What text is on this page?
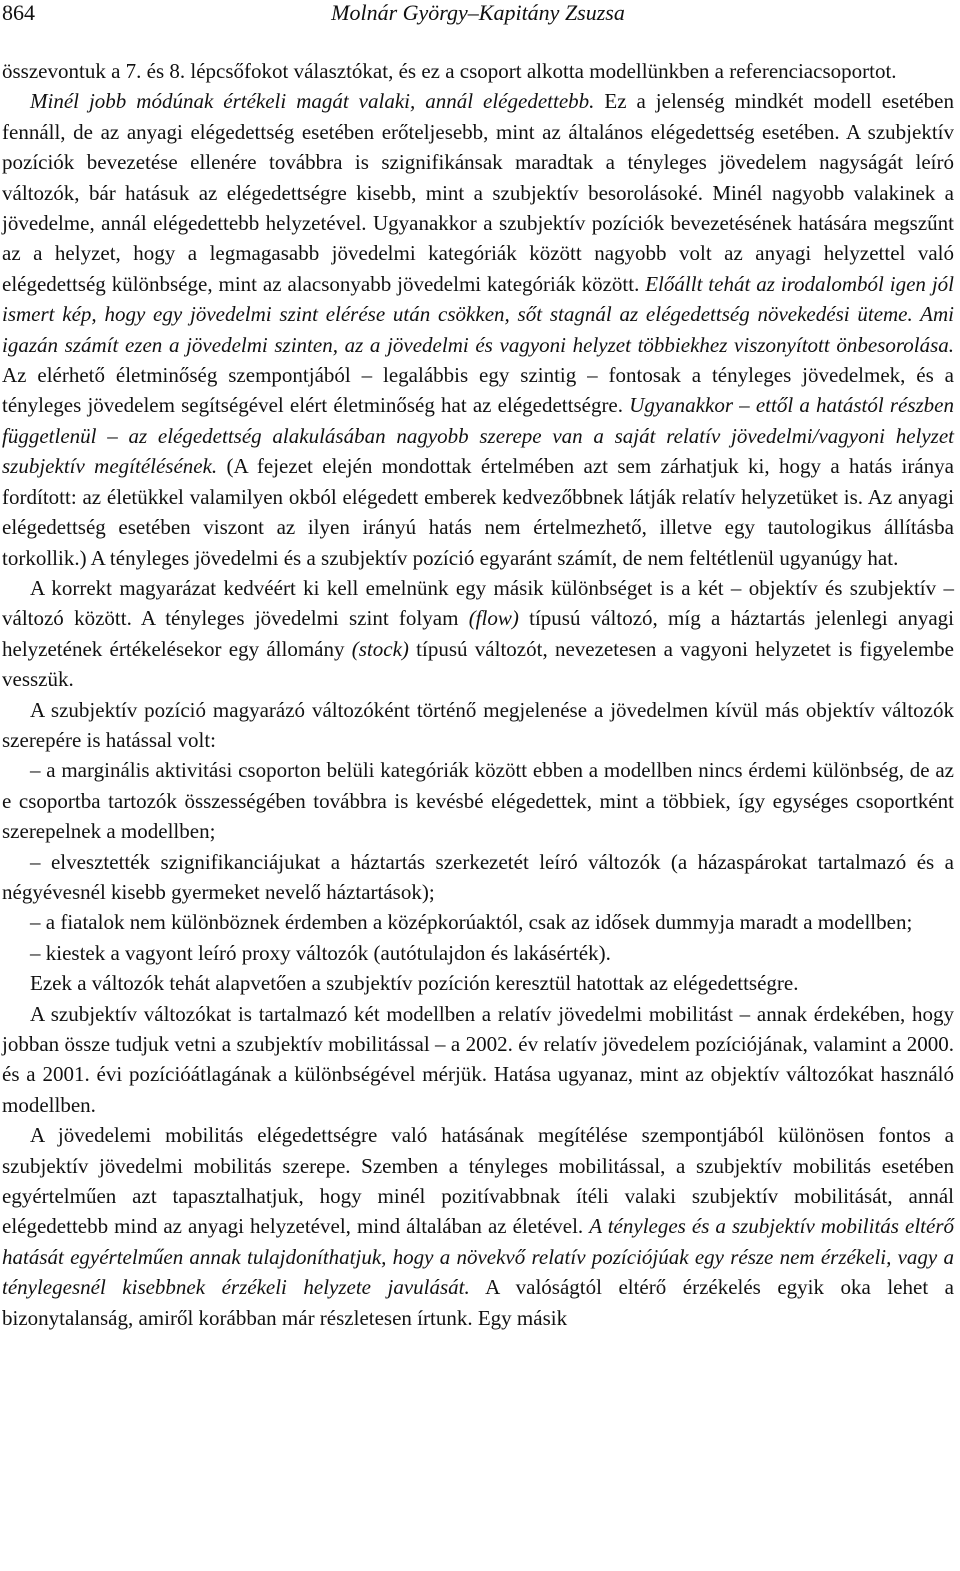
864	Molnár György–Kapitány Zsuzsa

összevontuk a 7. és 8. lépcsőfokot választókat, és ez a csoport alkotta modellünkben a referenciacsoportot.

Minél jobb módúnak értékeli magát valaki, annál elégedettebb. Ez a jelenség mindkét modell esetében fennáll, de az anyagi elégedettség esetében erőteljesebb, mint az általános elégedettség esetében. A szubjektív pozíciók bevezetése ellenére továbbra is szignifikánsak maradtak a tényleges jövedelem nagyságát leíró változók, bár hatásuk az elégedettségre kisebb, mint a szubjektív besorolásoké. Minél nagyobb valakinek a jövedelme, annál elégedettebb helyzetével. Ugyanakkor a szubjektív pozíciók bevezetésének hatására megszűnt az a helyzet, hogy a legmagasabb jövedelmi kategóriák között nagyobb volt az anyagi helyzettel való elégedettség különbsége, mint az alacsonyabb jövedelmi kategóriák között. Előállt tehát az irodalomból igen jól ismert kép, hogy egy jövedelmi szint elérése után csökken, sőt stagnál az elégedettség növekedési üteme. Ami igazán számít ezen a jövedelmi szinten, az a jövedelmi és vagyoni helyzet többiekhez viszonyított önbesorolása. Az elérhető életminőség szempontjából – legalábbis egy szintig – fontosak a tényleges jövedelmek, és a tényleges jövedelem segítségével elért életminőség hat az elégedettségre. Ugyanakkor – ettől a hatástól részben függetlenül – az elégedettség alakulásában nagyobb szerepe van a saját relatív jövedelmi/vagyoni helyzet szubjektív megítélésének. (A fejezet elején mondottak értelmében azt sem zárhatjuk ki, hogy a hatás iránya fordított: az életükkel valamilyen okból elégedett emberek kedvezőbbnek látják relatív helyzetüket is. Az anyagi elégedettség esetében viszont az ilyen irányú hatás nem értelmezhető, illetve egy tautologikus állításba torkollik.) A tényleges jövedelmi és a szubjektív pozíció egyaránt számít, de nem feltétlenül ugyanúgy hat.

A korrekt magyarázat kedvéért ki kell emelnünk egy másik különbséget is a két – objektív és szubjektív – változó között. A tényleges jövedelmi szint folyam (flow) típusú változó, míg a háztartás jelenlegi anyagi helyzetének értékelésekor egy állomány (stock) típusú változót, nevezetesen a vagyoni helyzetet is figyelembe vesszük.

A szubjektív pozíció magyarázó változóként történő megjelenése a jövedelmen kívül más objektív változók szerepére is hatással volt:

– a marginális aktivitási csoporton belüli kategóriák között ebben a modellben nincs érdemi különbség, de az e csoportba tartozók összességében továbbra is kevésbé elégedettek, mint a többiek, így egységes csoportként szerepelnek a modellben;

– elvesztették szignifikanciájukat a háztartás szerkezetét leíró változók (a házaspárokat tartalmazó és a négyévesnél kisebb gyermeket nevelő háztartások);

– a fiatalok nem különböznek érdemben a középkorúaktól, csak az idősek dummyja maradt a modellben;

– kiestek a vagyont leíró proxy változók (autótulajdon és lakásérték).

Ezek a változók tehát alapvetően a szubjektív pozíción keresztül hatottak az elégedettségre.

A szubjektív változókat is tartalmazó két modellben a relatív jövedelmi mobilitást – annak érdekében, hogy jobban össze tudjuk vetni a szubjektív mobilitással – a 2002. év relatív jövedelem pozíciójának, valamint a 2000. és a 2001. évi pozícióátlagának a különbségével mérjük. Hatása ugyanaz, mint az objektív változókat használó modellben.

A jövedelemi mobilitás elégedettségre való hatásának megítélése szempontjából különösen fontos a szubjektív jövedelmi mobilitás szerepe. Szemben a tényleges mobilitással, a szubjektív mobilitás esetében egyértelműen azt tapasztalhatjuk, hogy minél pozitívabbnak ítéli valaki szubjektív mobilitását, annál elégedettebb mind az anyagi helyzetével, mind általában az életével. A tényleges és a szubjektív mobilitás eltérő hatását egyértelműen annak tulajdoníthatjuk, hogy a növekvő relatív pozíciójúak egy része nem érzékeli, vagy a ténylegesnél kisebbnek érzékeli helyzete javulását. A valóságtól eltérő érzékelés egyik oka lehet a bizonytalanság, amiről korábban már részletesen írtunk. Egy másik
